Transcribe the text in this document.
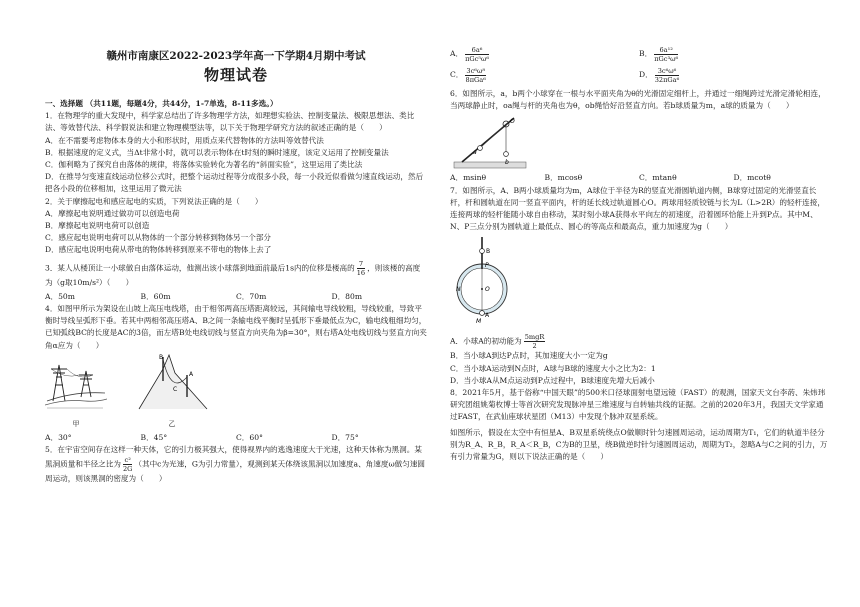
赣州市南康区2022-2023学年高一下学期4月期中考试
物理试卷
一、选择题 （共11题，每题4分，共44分，1-7单选，8-11多选。）

1．在物理学的重大发现中，科学家总结出了许多物理学方法，如理想实验法、控制变量法、极限思想法、类比法、等效替代法、科学假说法和建立物理模型法等，以下关于物理学研究方法的叙述正确的是（　　）

A．在不需要考虑物体本身的大小和形状时，用质点来代替物体的方法叫等效替代法

B．根据速度的定义式，当Δt非常小时，就可以表示物体在t时刻的瞬时速度，该定义运用了控制变量法

C．伽利略为了探究自由落体的规律，将落体实验转化为著名的“斜面实验”，这里运用了类比法

D．在推导匀变速直线运动位移公式时，把整个运动过程等分成很多小段，每一小段近似看做匀速直线运动，然后把各小段的位移相加，这里运用了微元法

2．关于摩擦起电和感应起电的实质，下列说法正确的是（　　）

A．摩擦起电说明通过做功可以创造电荷

B．摩擦起电说明电荷可以创造

C．感应起电说明电荷可以从物体的一个部分转移到物体另一个部分

D．感应起电说明电荷从带电的物体转移到原来不带电的物体上去了

3．某人从楼顶让一小球做自由落体运动，他测出该小球落到地面前最后1s内的位移是楼高的 $\frac{7}{16}$ ，则该楼的高度为（g取10m/s²）（　　）

A．50m	B．60m	C．70m	D．80m

4．如图甲所示为架设在山坡上高压电线塔，由于相邻两高压塔距离较远，其间输电导线较粗，导线较重，导致平衡时导线呈弧形下垂。若其中两相邻高压塔A、B之间一条输电线平衡时呈弧形下垂最低点为C，输电线粗细均匀，已知弧线BC的长度是AC的3倍，而左塔B处电线切线与竖直方向夹角为β=30°，则右塔A处电线切线与竖直方向夹角α应为（　　）

甲
B
A
C
乙
A．30°	B．45°	C．60°	D．75°

5．在宇宙空间存在这样一种天体，它的引力极其强大，使得视界内的逃逸速度大于光速，这种天体称为黑洞。某黑洞质量和半径之比为 $\frac{\text{c²}}{2G}$ （其中c为光速，G为引力常量），观测到某天体绕该黑洞以加速度a、角速度ω做匀速圆周运动，则该黑洞的密度为（　　）

A． $\frac{\text{6a⁶}}{\text{πGc⁵ω⁶}}$	B． $\frac{\text{6a¹²}}{\text{πGc³ω⁶}}$
C． $\frac{\text{3c⁶ω⁸}}{\text{8πGa⁶}}$	D． $\frac{\text{3c⁶ω⁶}}{\text{32πGa⁶}}$

6．如图所示，a，b两个小球穿在一根与水平面夹角为θ的光滑固定细杆上，并通过一细绳跨过光滑定滑轮相连，当两球静止时，oa绳与杆的夹角也为θ，ob绳恰好沿竖直方向。若b球质量为m，a球的质量为（　　）

O
a
b
A．msinθ	B．mcosθ	C．mtanθ	D．mcotθ

7．如图所示，A、B两小球质量均为m，A球位于半径为R的竖直光滑圆轨道内侧，B球穿过固定的光滑竖直长杆，杆和圆轨道在同一竖直平面内，杆的延长线过轨道圆心O。两球用轻质铰链与长为L（L>2R）的轻杆连接，连接两球的轻杆能随小球自由移动，某时刻小球A获得水平向左的初速度，沿着圆环恰能上升到P点。其中M、N、P三点分别为圆轨道上最低点、圆心的等高点和最高点，重力加速度为g（　　）

B
P
N	O
A
M

A．小球A的初动能为 $\frac{\text{5mgR}}{2}$

B．当小球A到达P点时，其加速度大小一定为g

C．当小球A运动到N点时，A球与B球的速度大小之比为2：1

D．当小球A从M点运动到P点过程中，B球速度先增大后减小

8．2021年5月，基于俗称“中国天眼”的500米口径球面射电望远镜（FAST）的观测，国家天文台李菂、朱炜玮研究团组姚菊枚博士等首次研究发现脉冲星三维速度与自转轴共线的证据。之前的2020年3月，我国天文学家通过FAST，在武仙座球状星团（M13）中发现个脉冲双星系统。

如图所示，假设在太空中有恒星A、B双星系统绕点O做顺时针匀速圆周运动，运动周期为T₁，它们的轨道半径分别为R_A、R_B，R_A＜R_B，C为B的卫星，绕B做逆时针匀速圆周运动，周期为T₂，忽略A与C之间的引力，万有引力常量为G，则以下说法正确的是（　　）
